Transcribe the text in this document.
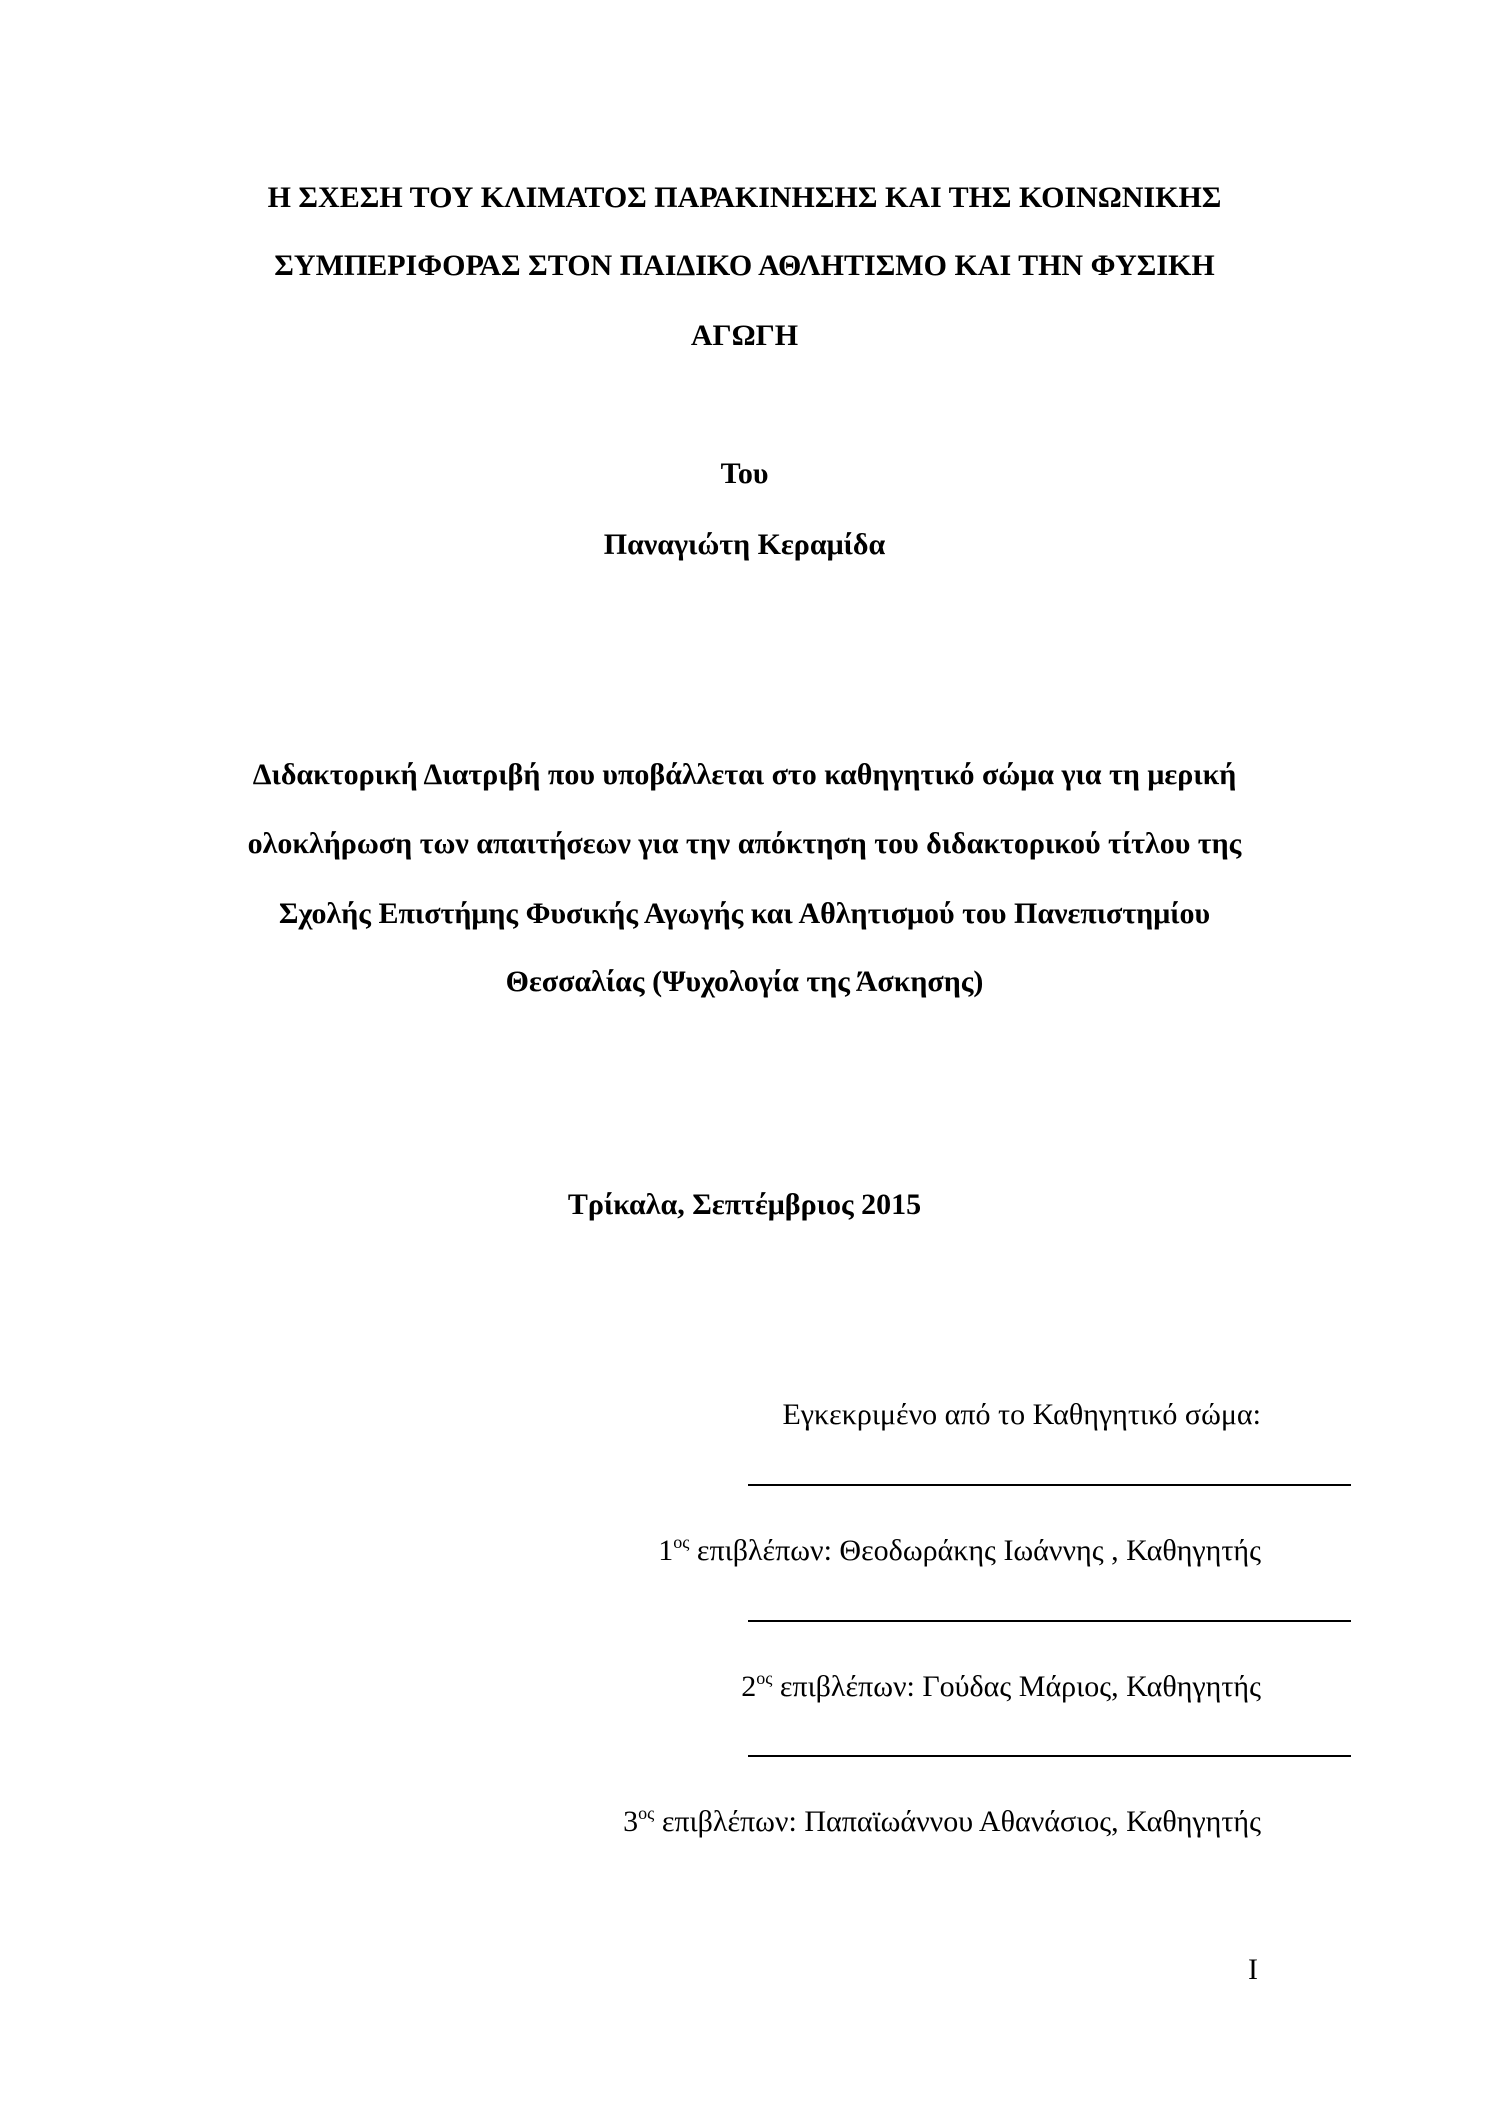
Η ΣΧΕΣΗ ΤΟΥ ΚΛΙΜΑΤΟΣ ΠΑΡΑΚΙΝΗΣΗΣ ΚΑΙ ΤΗΣ ΚΟΙΝΩΝΙΚΗΣ
ΣΥΜΠΕΡΙΦΟΡΑΣ ΣΤΟΝ ΠΑΙΔΙΚΟ ΑΘΛΗΤΙΣΜΟ ΚΑΙ ΤΗΝ ΦΥΣΙΚΗ
ΑΓΩΓΗ
Του
Παναγιώτη Κεραμίδα
Διδακτορική Διατριβή που υποβάλλεται στο καθηγητικό σώμα για τη μερική
ολοκλήρωση των απαιτήσεων για την απόκτηση του διδακτορικού τίτλου της
Σχολής Επιστήμης Φυσικής Αγωγής και Αθλητισμού του Πανεπιστημίου
Θεσσαλίας (Ψυχολογία της Άσκησης)
Τρίκαλα, Σεπτέμβριος 2015
Εγκεκριμένο από το Καθηγητικό σώμα:
$1^{o\varsigma}$ επιβλέπων: Θεοδωράκης Ιωάννης , Καθηγητής
$2^{o\varsigma}$ επιβλέπων: Γούδας Μάριος, Καθηγητής
$3^{o\varsigma}$ επιβλέπων: Παπαϊωάννου Αθανάσιος, Καθηγητής
I
